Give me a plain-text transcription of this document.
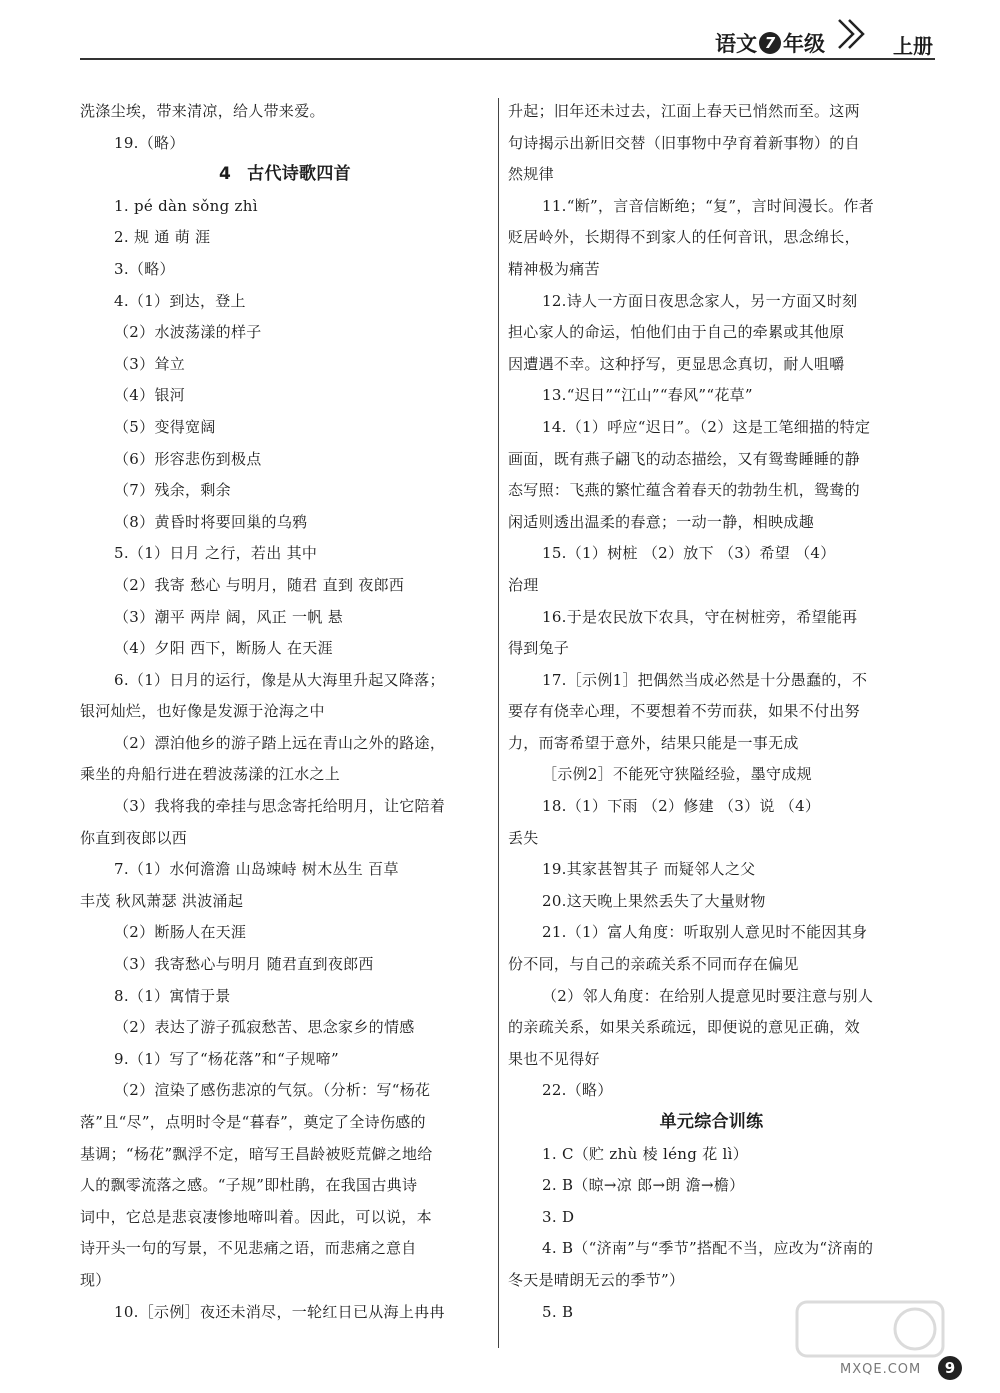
语文 7 年级	上册
洗涤尘埃，带来清凉，给人带来爱。
19.（略）
4 古代诗歌四首
1. pé dàn sǒng zhì
2. 规 通 萌 涯
3.（略）
4.（1）到达，登上
（2）水波荡漾的样子
（3）耸立
（4）银河
（5）变得宽阔
（6）形容悲伤到极点
（7）残余，剩余
（8）黄昏时将要回巢的乌鸦
5.（1）日月 之行，若出 其中
（2）我寄 愁心 与明月，随君 直到 夜郎西
（3）潮平 两岸 阔，风正 一帆 悬
（4）夕阳 西下，断肠人 在天涯
6.（1）日月的运行，像是从大海里升起又降落；
银河灿烂，也好像是发源于沧海之中
（2）漂泊他乡的游子踏上远在青山之外的路途，
乘坐的舟船行进在碧波荡漾的江水之上
（3）我将我的牵挂与思念寄托给明月，让它陪着
你直到夜郎以西
7.（1）水何澹澹 山岛竦峙 树木丛生 百草
丰茂 秋风萧瑟 洪波涌起
（2）断肠人在天涯
（3）我寄愁心与明月 随君直到夜郎西
8.（1）寓情于景
（2）表达了游子孤寂愁苦、思念家乡的情感
9.（1）写了“杨花落”和“子规啼”
（2）渲染了感伤悲凉的气氛。（分析：写“杨花
落”且“尽”，点明时令是“暮春”，奠定了全诗伤感的
基调；“杨花”飘浮不定，暗写王昌龄被贬荒僻之地给
人的飘零流落之感。“子规”即杜鹃，在我国古典诗
词中，它总是悲哀凄惨地啼叫着。因此，可以说，本
诗开头一句的写景，不见悲痛之语，而悲痛之意自
现）
10.［示例］夜还未消尽，一轮红日已从海上冉冉
升起；旧年还未过去，江面上春天已悄然而至。这两
句诗揭示出新旧交替（旧事物中孕育着新事物）的自
然规律
11.“断”，言音信断绝；“复”，言时间漫长。作者
贬居岭外，长期得不到家人的任何音讯，思念绵长，
精神极为痛苦
12.诗人一方面日夜思念家人，另一方面又时刻
担心家人的命运，怕他们由于自己的牵累或其他原
因遭遇不幸。这种抒写，更显思念真切，耐人咀嚼
13.“迟日”“江山”“春风”“花草”
14.（1）呼应“迟日”。（2）这是工笔细描的特定
画面，既有燕子翩飞的动态描绘，又有鸳鸯睡睡的静
态写照：飞燕的繁忙蕴含着春天的勃勃生机，鸳鸯的
闲适则透出温柔的春意；一动一静，相映成趣
15.（1）树桩 （2）放下 （3）希望 （4）
治理
16.于是农民放下农具，守在树桩旁，希望能再
得到兔子
17.［示例1］把偶然当成必然是十分愚蠢的，不
要存有侥幸心理，不要想着不劳而获，如果不付出努
力，而寄希望于意外，结果只能是一事无成
［示例2］不能死守狭隘经验，墨守成规
18.（1）下雨 （2）修建 （3）说 （4）
丢失
19.其家甚智其子 而疑邻人之父
20.这天晚上果然丢失了大量财物
21.（1）富人角度：听取别人意见时不能因其身
份不同，与自己的亲疏关系不同而存在偏见
（2）邻人角度：在给别人提意见时要注意与别人
的亲疏关系，如果关系疏远，即便说的意见正确，效
果也不见得好
22.（略）
单元综合训练
1. C（贮 zhù 棱 léng 花 lì）
2. B（晾→凉 郎→朗 澹→檐）
3. D
4. B（“济南”与“季节”搭配不当，应改为“济南的
冬天是晴朗无云的季节”）
5. B
MXQE.COM	9
